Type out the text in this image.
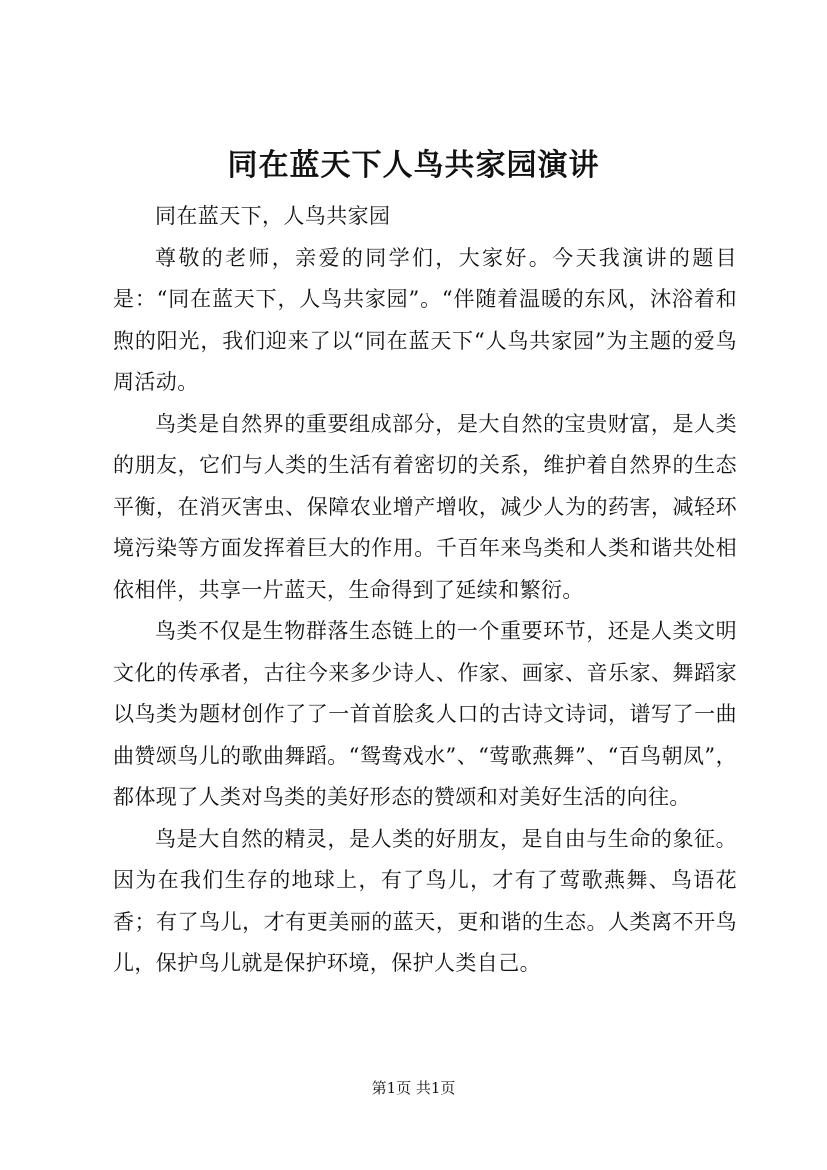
同在蓝天下人鸟共家园演讲

同在蓝天下，人鸟共家园

尊敬的老师，亲爱的同学们，大家好。今天我演讲的题目是：“同在蓝天下，人鸟共家园”。“伴随着温暖的东风，沐浴着和煦的阳光，我们迎来了以“同在蓝天下“人鸟共家园”为主题的爱鸟周活动。

鸟类是自然界的重要组成部分，是大自然的宝贵财富，是人类的朋友，它们与人类的生活有着密切的关系，维护着自然界的生态平衡，在消灭害虫、保障农业增产增收，减少人为的药害，减轻环境污染等方面发挥着巨大的作用。千百年来鸟类和人类和谐共处相依相伴，共享一片蓝天，生命得到了延续和繁衍。

鸟类不仅是生物群落生态链上的一个重要环节，还是人类文明文化的传承者，古往今来多少诗人、作家、画家、音乐家、舞蹈家以鸟类为题材创作了了一首首脍炙人口的古诗文诗词，谱写了一曲曲赞颂鸟儿的歌曲舞蹈。“鸳鸯戏水”、“莺歌燕舞”、“百鸟朝凤”，都体现了人类对鸟类的美好形态的赞颂和对美好生活的向往。

鸟是大自然的精灵，是人类的好朋友，是自由与生命的象征。因为在我们生存的地球上，有了鸟儿，才有了莺歌燕舞、鸟语花香；有了鸟儿，才有更美丽的蓝天，更和谐的生态。人类离不开鸟儿，保护鸟儿就是保护环境，保护人类自己。

第1页 共1页
